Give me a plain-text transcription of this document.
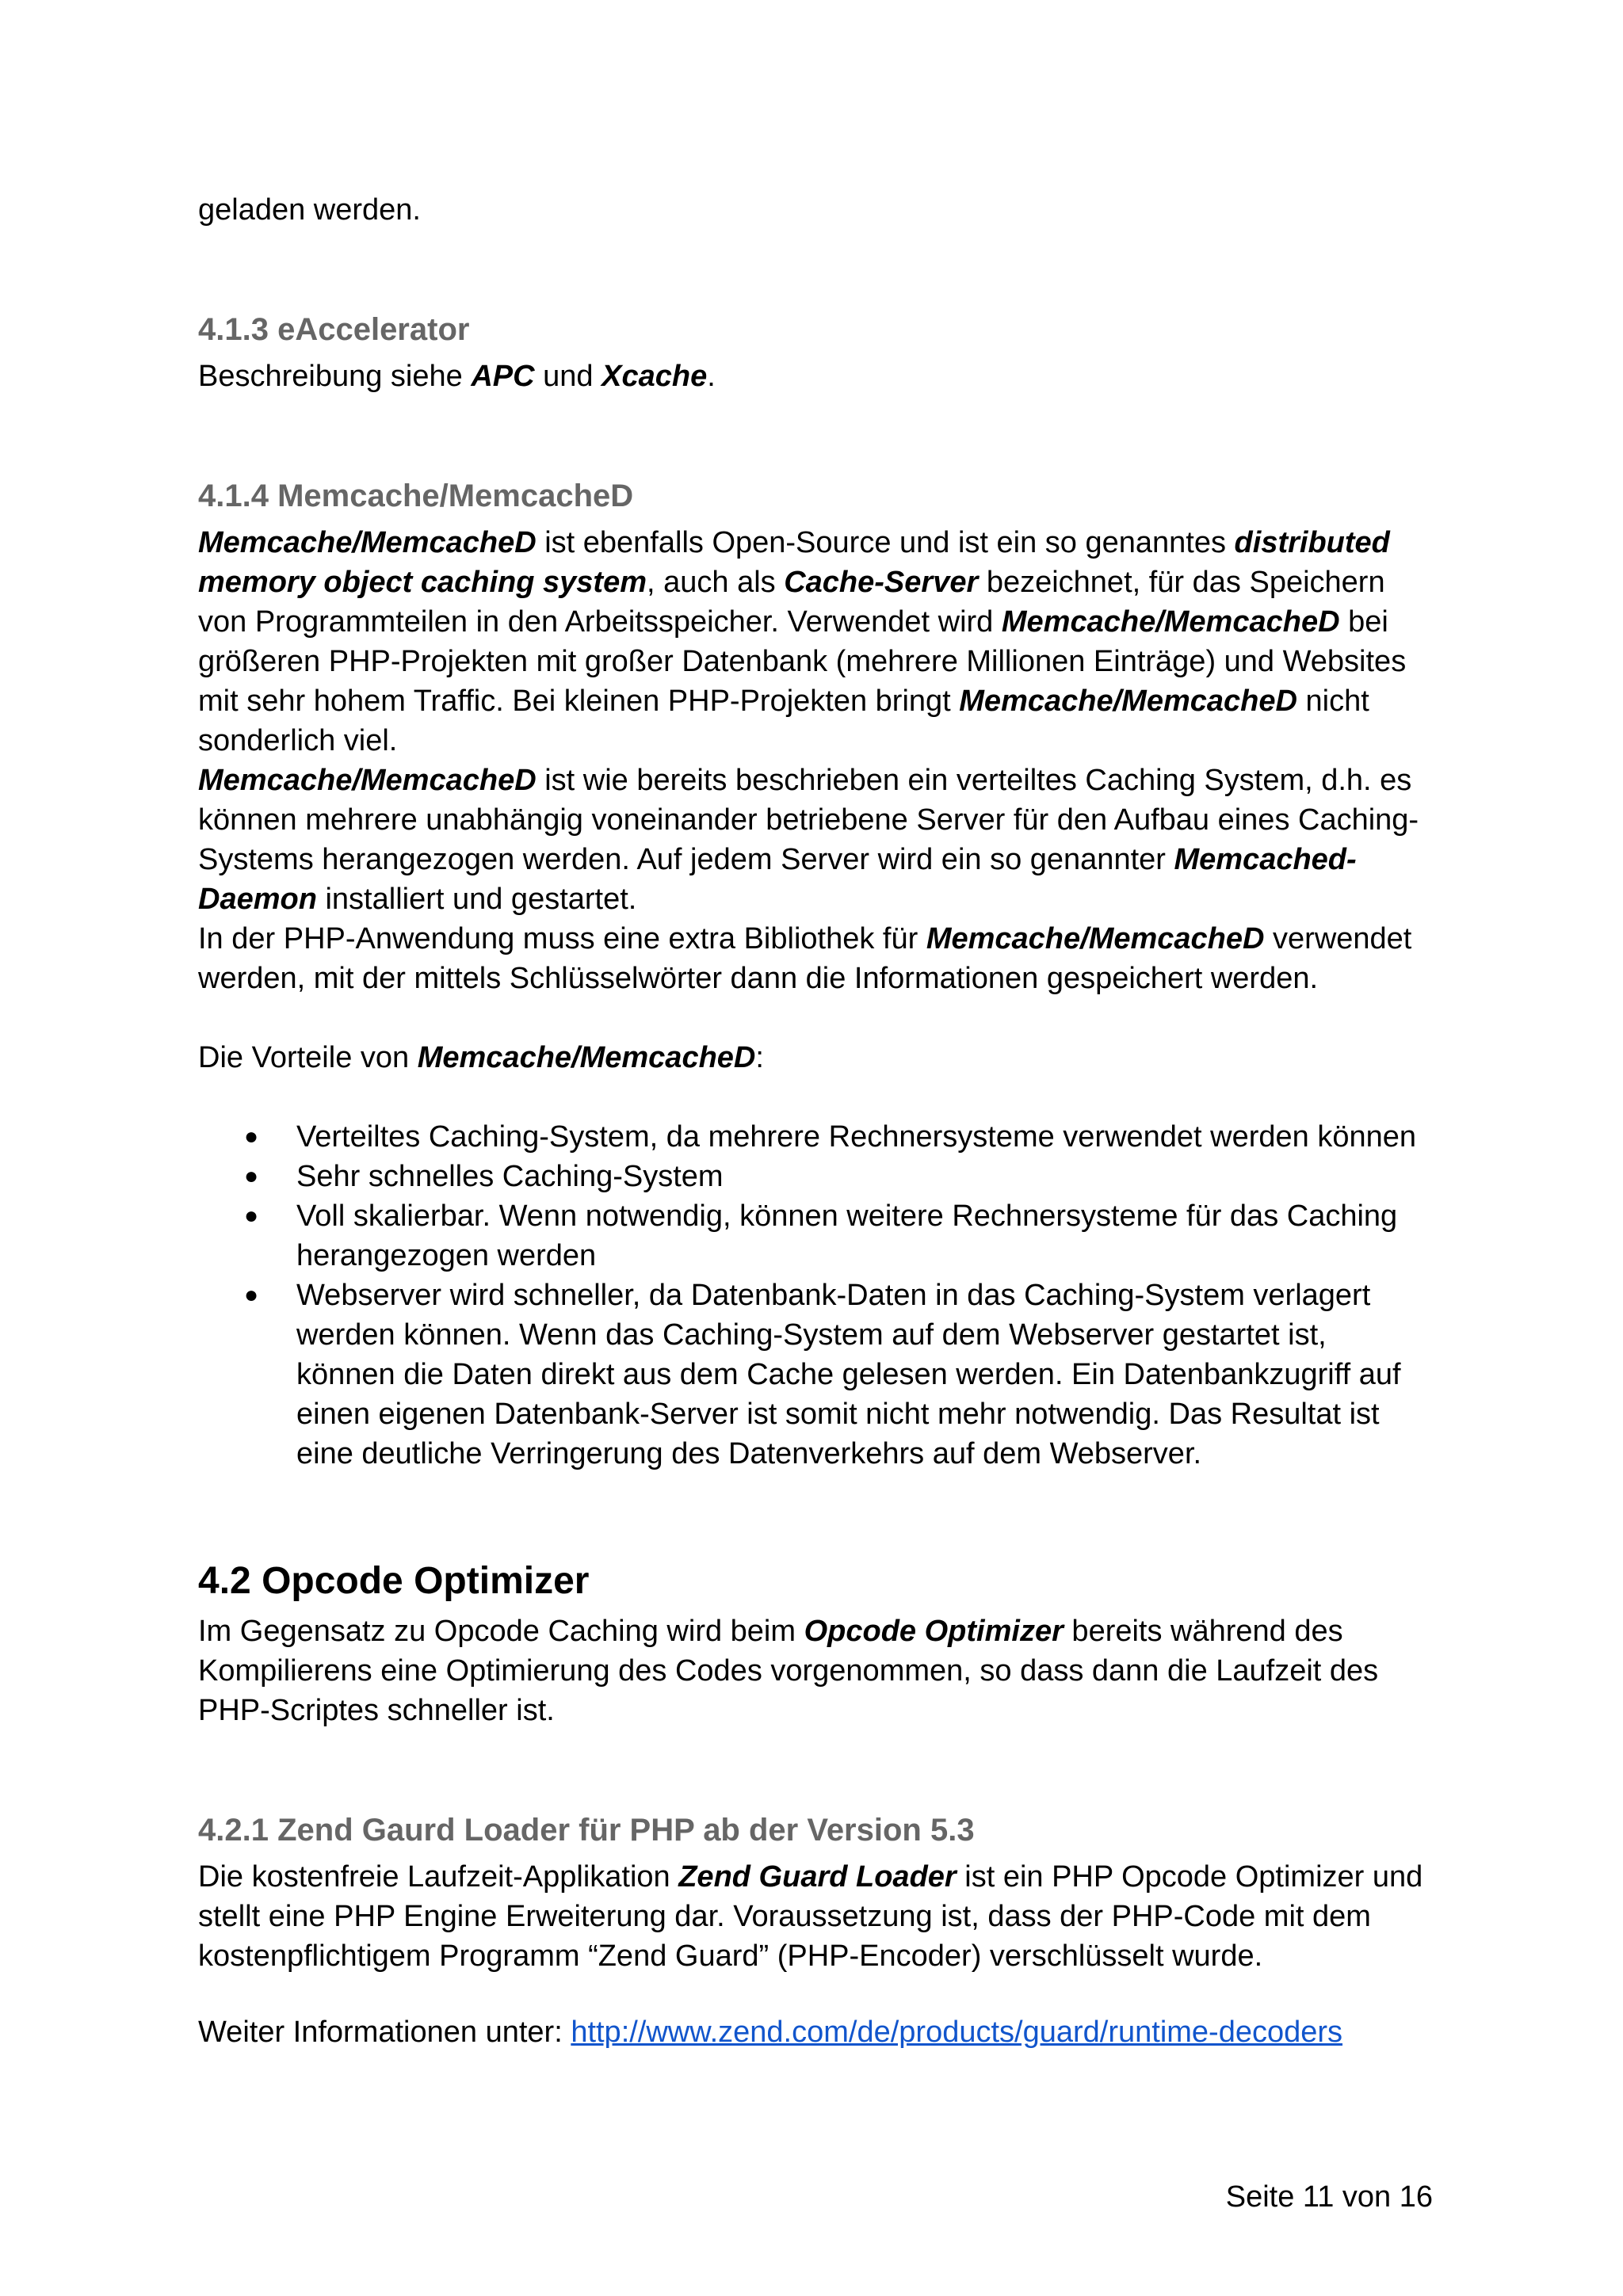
geladen werden.

4.1.3 eAccelerator

Beschreibung siehe APC und Xcache.

4.1.4 Memcache/MemcacheD

Memcache/MemcacheD ist ebenfalls Open-Source und ist ein so genanntes distributed

memory object caching system, auch als Cache-Server bezeichnet, für das Speichern

von Programmteilen in den Arbeitsspeicher. Verwendet wird Memcache/MemcacheD bei

größeren PHP-Projekten mit großer Datenbank (mehrere Millionen Einträge) und Websites

mit sehr hohem Traffic. Bei kleinen PHP-Projekten bringt Memcache/MemcacheD nicht

sonderlich viel.

Memcache/MemcacheD ist wie bereits beschrieben ein verteiltes Caching System, d.h. es

können mehrere unabhängig voneinander betriebene Server für den Aufbau eines Caching-

Systems herangezogen werden. Auf jedem Server wird ein so genannter Memcached-

Daemon installiert und gestartet.

In der PHP-Anwendung muss eine extra Bibliothek für Memcache/MemcacheD verwendet

werden, mit der mittels Schlüsselwörter dann die Informationen gespeichert werden.

Die Vorteile von Memcache/MemcacheD:

● Verteiltes Caching-System, da mehrere Rechnersysteme verwendet werden können
● Sehr schnelles Caching-System
● Voll skalierbar. Wenn notwendig, können weitere Rechnersysteme für das Caching
herangezogen werden
● Webserver wird schneller, da Datenbank-Daten in das Caching-System verlagert
werden können. Wenn das Caching-System auf dem Webserver gestartet ist,
können die Daten direkt aus dem Cache gelesen werden. Ein Datenbankzugriff auf
einen eigenen Datenbank-Server ist somit nicht mehr notwendig. Das Resultat ist
eine deutliche Verringerung des Datenverkehrs auf dem Webserver.
4.2 Opcode Optimizer

Im Gegensatz zu Opcode Caching wird beim Opcode Optimizer bereits während des

Kompilierens eine Optimierung des Codes vorgenommen, so dass dann die Laufzeit des

PHP-Scriptes schneller ist.

4.2.1 Zend Gaurd Loader für PHP ab der Version 5.3

Die kostenfreie Laufzeit-Applikation Zend Guard Loader ist ein PHP Opcode Optimizer und

stellt eine PHP Engine Erweiterung dar. Voraussetzung ist, dass der PHP-Code mit dem

kostenpflichtigem Programm “Zend Guard” (PHP-Encoder) verschlüsselt wurde.

Weiter Informationen unter: http://www.zend.com/de/products/guard/runtime-decoders

Seite 11 von 16
